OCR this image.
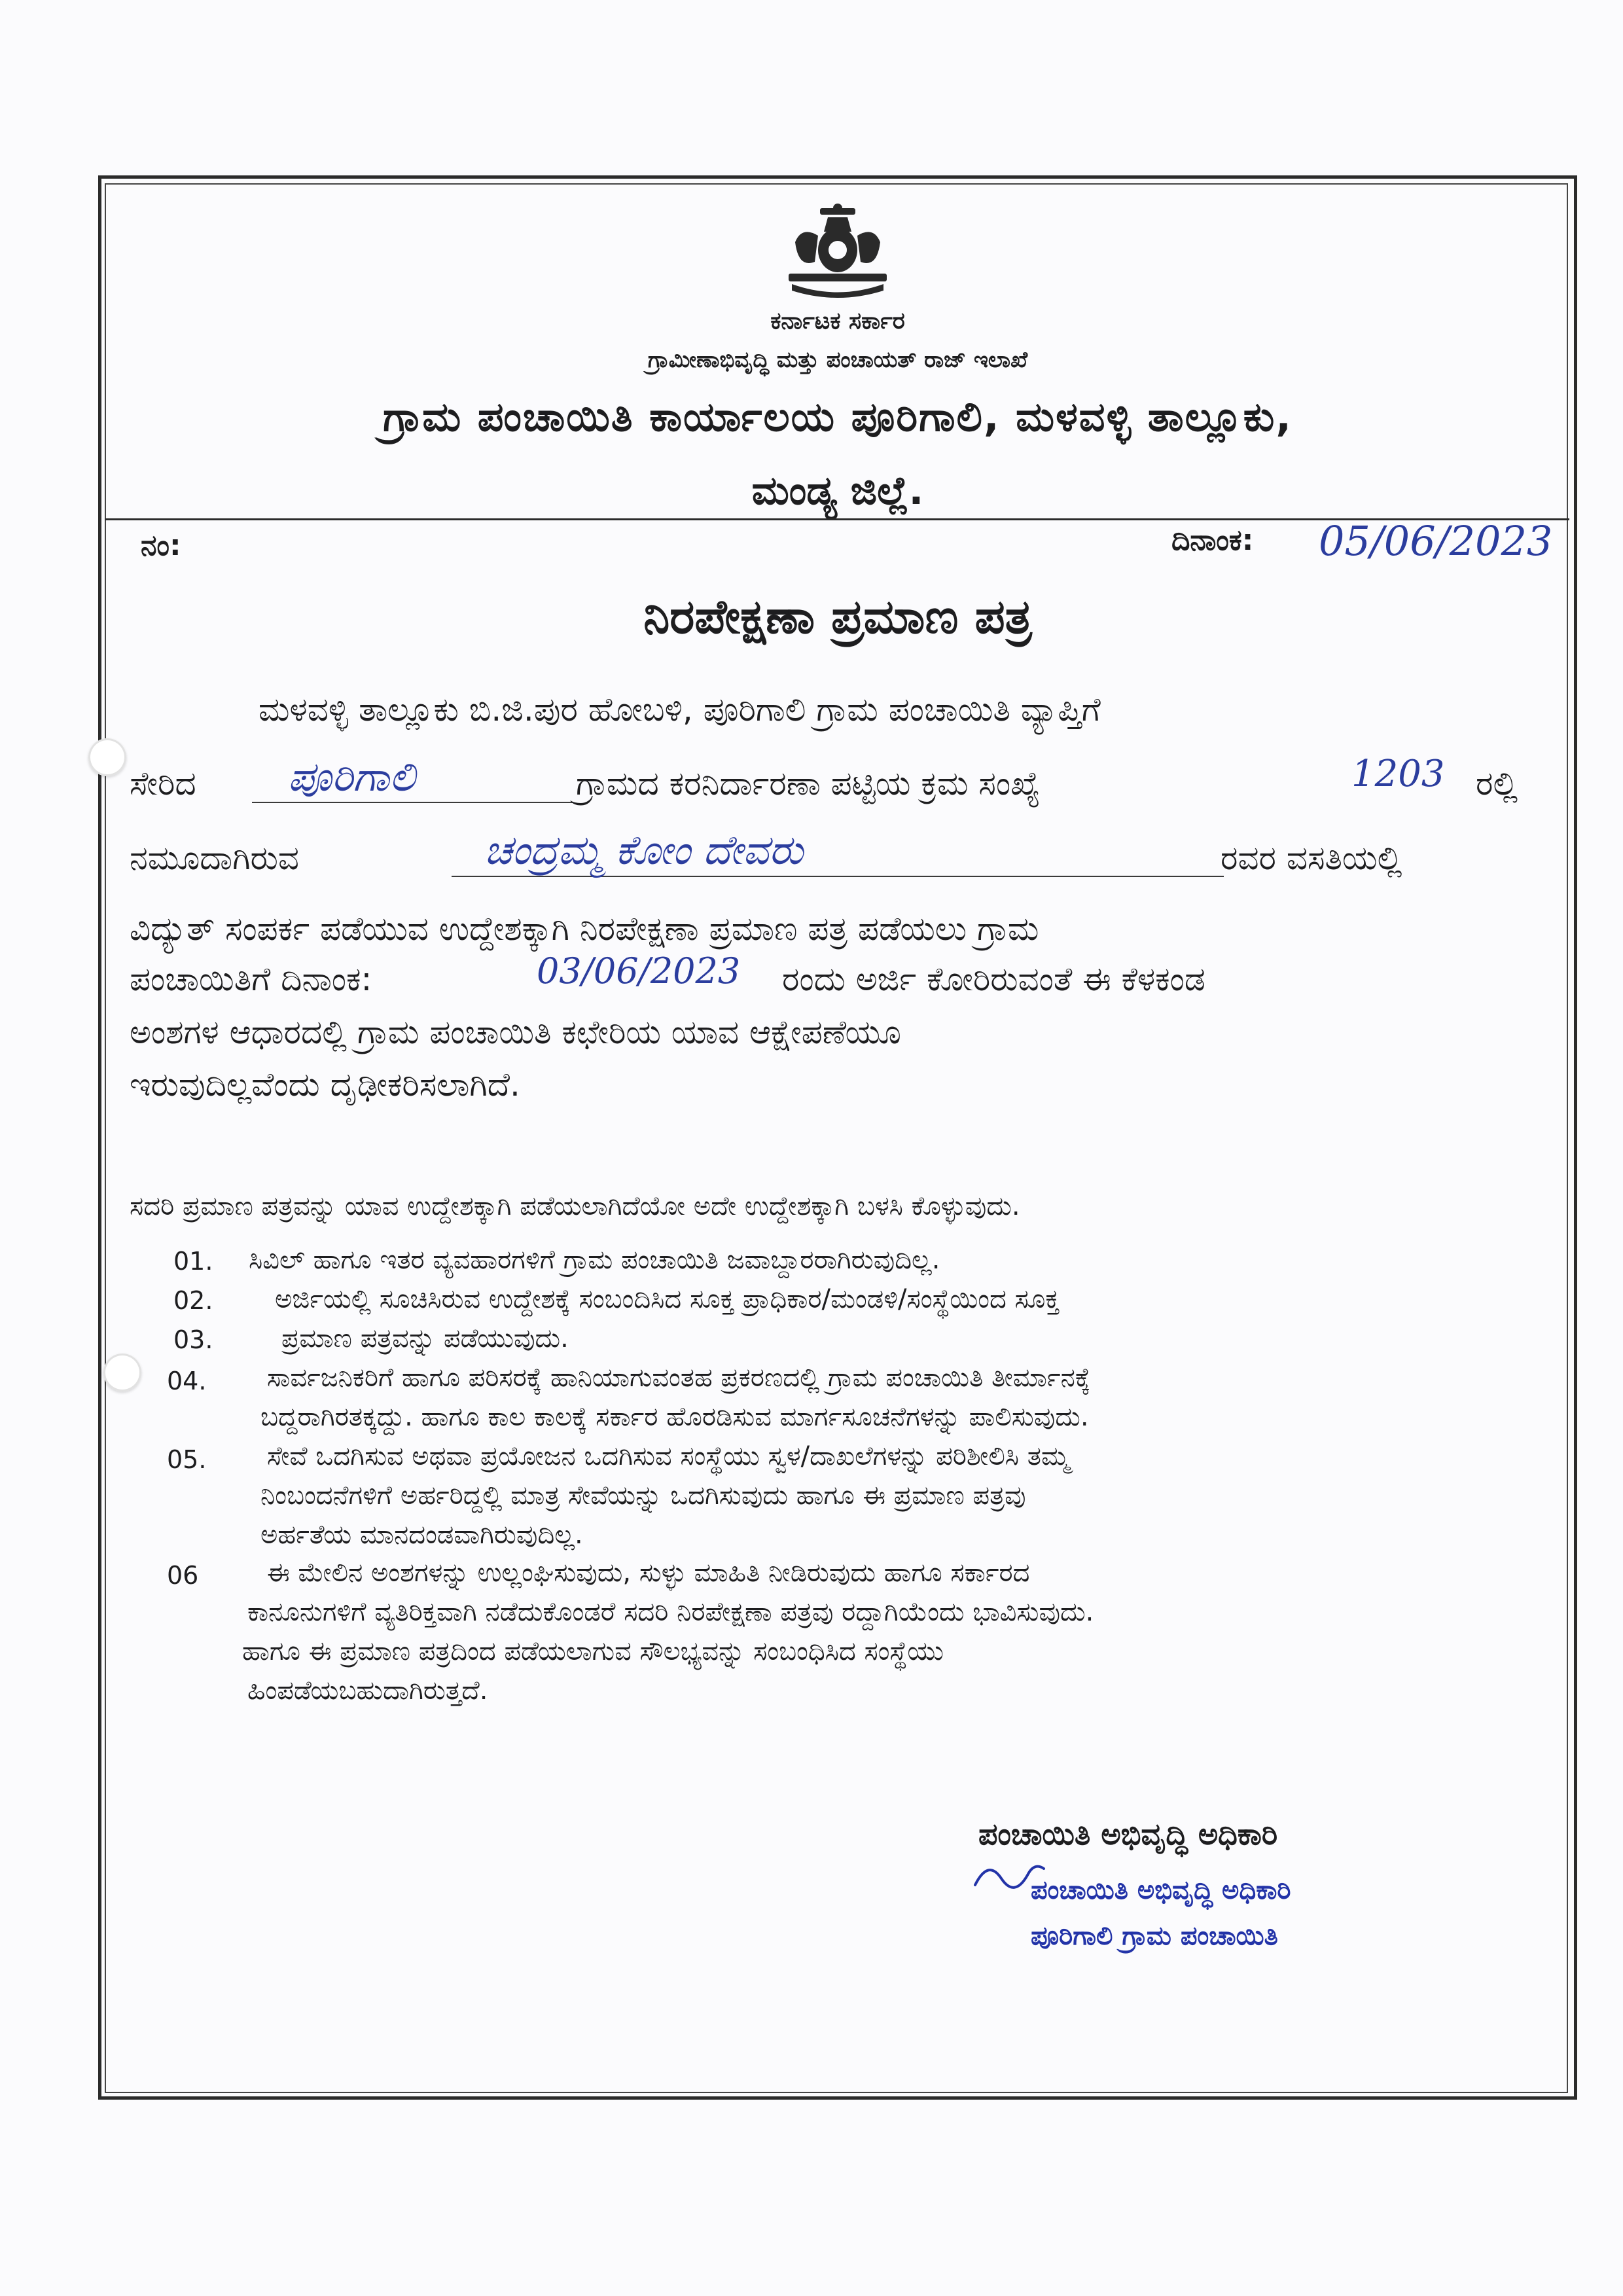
ಕರ್ನಾಟಕ ಸರ್ಕಾರ
ಗ್ರಾಮೀಣಾಭಿವೃದ್ಧಿ ಮತ್ತು ಪಂಚಾಯತ್ ರಾಜ್ ಇಲಾಖೆ
ಗ್ರಾಮ ಪಂಚಾಯಿತಿ ಕಾರ್ಯಾಲಯ ಪೂರಿಗಾಲಿ, ಮಳವಳ್ಳಿ ತಾಲ್ಲೂಕು,
ಮಂಡ್ಯ ಜಿಲ್ಲೆ.
ನಂ:	ದಿನಾಂಕ: 05/06/2023
ನಿರಪೇಕ್ಷಣಾ ಪ್ರಮಾಣ ಪತ್ರ
ಮಳವಳ್ಳಿ ತಾಲ್ಲೂಕು ಬಿ.ಜಿ.ಪುರ ಹೋಬಳಿ, ಪೂರಿಗಾಲಿ ಗ್ರಾಮ ಪಂಚಾಯಿತಿ ವ್ಯಾಪ್ತಿಗೆ
ಸೇರಿದ ಪೂರಿಗಾಲಿ	ಗ್ರಾಮದ ಕರನಿರ್ದಾರಣಾ ಪಟ್ಟಿಯ ಕ್ರಮ ಸಂಖ್ಯೆ	1203 ರಲ್ಲಿ
ನಮೂದಾಗಿರುವ	ಚಂದ್ರಮ್ಮ ಕೋಂ ದೇವರು	ರವರ ವಸತಿಯಲ್ಲಿ
ವಿದ್ಯುತ್ ಸಂಪರ್ಕ ಪಡೆಯುವ ಉದ್ದೇಶಕ್ಕಾಗಿ ನಿರಪೇಕ್ಷಣಾ ಪ್ರಮಾಣ ಪತ್ರ ಪಡೆಯಲು ಗ್ರಾಮ
ಪಂಚಾಯಿತಿಗೆ ದಿನಾಂಕ:	03/06/2023 ರಂದು ಅರ್ಜಿ ಕೋರಿರುವಂತೆ ಈ ಕೆಳಕಂಡ
ಅಂಶಗಳ ಆಧಾರದಲ್ಲಿ ಗ್ರಾಮ ಪಂಚಾಯಿತಿ ಕಛೇರಿಯ ಯಾವ ಆಕ್ಷೇಪಣೆಯೂ
ಇರುವುದಿಲ್ಲವೆಂದು ದೃಢೀಕರಿಸಲಾಗಿದೆ.
ಸದರಿ ಪ್ರಮಾಣ ಪತ್ರವನ್ನು ಯಾವ ಉದ್ದೇಶಕ್ಕಾಗಿ ಪಡೆಯಲಾಗಿದೆಯೋ ಅದೇ ಉದ್ದೇಶಕ್ಕಾಗಿ ಬಳಸಿ ಕೊಳ್ಳುವುದು.
01. ಸಿವಿಲ್ ಹಾಗೂ ಇತರ ವ್ಯವಹಾರಗಳಿಗೆ ಗ್ರಾಮ ಪಂಚಾಯಿತಿ ಜವಾಬ್ದಾರರಾಗಿರುವುದಿಲ್ಲ.
02. ಅರ್ಜಿಯಲ್ಲಿ ಸೂಚಿಸಿರುವ ಉದ್ದೇಶಕ್ಕೆ ಸಂಬಂದಿಸಿದ ಸೂಕ್ತ ಪ್ರಾಧಿಕಾರ/ಮಂಡಳಿ/ಸಂಸ್ಥೆಯಿಂದ ಸೂಕ್ತ
03.	ಪ್ರಮಾಣ ಪತ್ರವನ್ನು ಪಡೆಯುವುದು.
04. ಸಾರ್ವಜನಿಕರಿಗೆ ಹಾಗೂ ಪರಿಸರಕ್ಕೆ ಹಾನಿಯಾಗುವಂತಹ ಪ್ರಕರಣದಲ್ಲಿ ಗ್ರಾಮ ಪಂಚಾಯಿತಿ ತೀರ್ಮಾನಕ್ಕೆ
ಬದ್ದರಾಗಿರತಕ್ಕದ್ದು. ಹಾಗೂ ಕಾಲ ಕಾಲಕ್ಕೆ ಸರ್ಕಾರ ಹೊರಡಿಸುವ ಮಾರ್ಗಸೂಚನೆಗಳನ್ನು ಪಾಲಿಸುವುದು.
05. ಸೇವೆ ಒದಗಿಸುವ ಅಥವಾ ಪ್ರಯೋಜನ ಒದಗಿಸುವ ಸಂಸ್ಥೆಯು ಸ್ವಳ/ದಾಖಲೆಗಳನ್ನು ಪರಿಶೀಲಿಸಿ ತಮ್ಮ
ನಿಂಬಂದನೆಗಳಿಗೆ ಅರ್ಹರಿದ್ದಲ್ಲಿ ಮಾತ್ರ ಸೇವೆಯನ್ನು ಒದಗಿಸುವುದು ಹಾಗೂ ಈ ಪ್ರಮಾಣ ಪತ್ರವು
ಅರ್ಹತೆಯ ಮಾನದಂಡವಾಗಿರುವುದಿಲ್ಲ.
06	ಈ ಮೇಲಿನ ಅಂಶಗಳನ್ನು ಉಲ್ಲಂಘಿಸುವುದು, ಸುಳ್ಳು ಮಾಹಿತಿ ನೀಡಿರುವುದು ಹಾಗೂ ಸರ್ಕಾರದ
ಕಾನೂನುಗಳಿಗೆ ವ್ಯತಿರಿಕ್ತವಾಗಿ ನಡೆದುಕೊಂಡರೆ ಸದರಿ ನಿರಪೇಕ್ಷಣಾ ಪತ್ರವು ರದ್ದಾಗಿಯೆಂದು ಭಾವಿಸುವುದು.
ಹಾಗೂ ಈ ಪ್ರಮಾಣ ಪತ್ರದಿಂದ ಪಡೆಯಲಾಗುವ ಸೌಲಭ್ಯವನ್ನು ಸಂಬಂಧಿಸಿದ ಸಂಸ್ಥೆಯು
ಹಿಂಪಡೆಯಬಹುದಾಗಿರುತ್ತದೆ.
ಪಂಚಾಯಿತಿ ಅಭಿವೃದ್ಧಿ ಅಧಿಕಾರಿ
ಪಂಚಾಯಿತಿ ಅಭಿವೃದ್ಧಿ ಅಧಿಕಾರಿ
ಪೂರಿಗಾಲಿ ಗ್ರಾಮ ಪಂಚಾಯಿತಿ
